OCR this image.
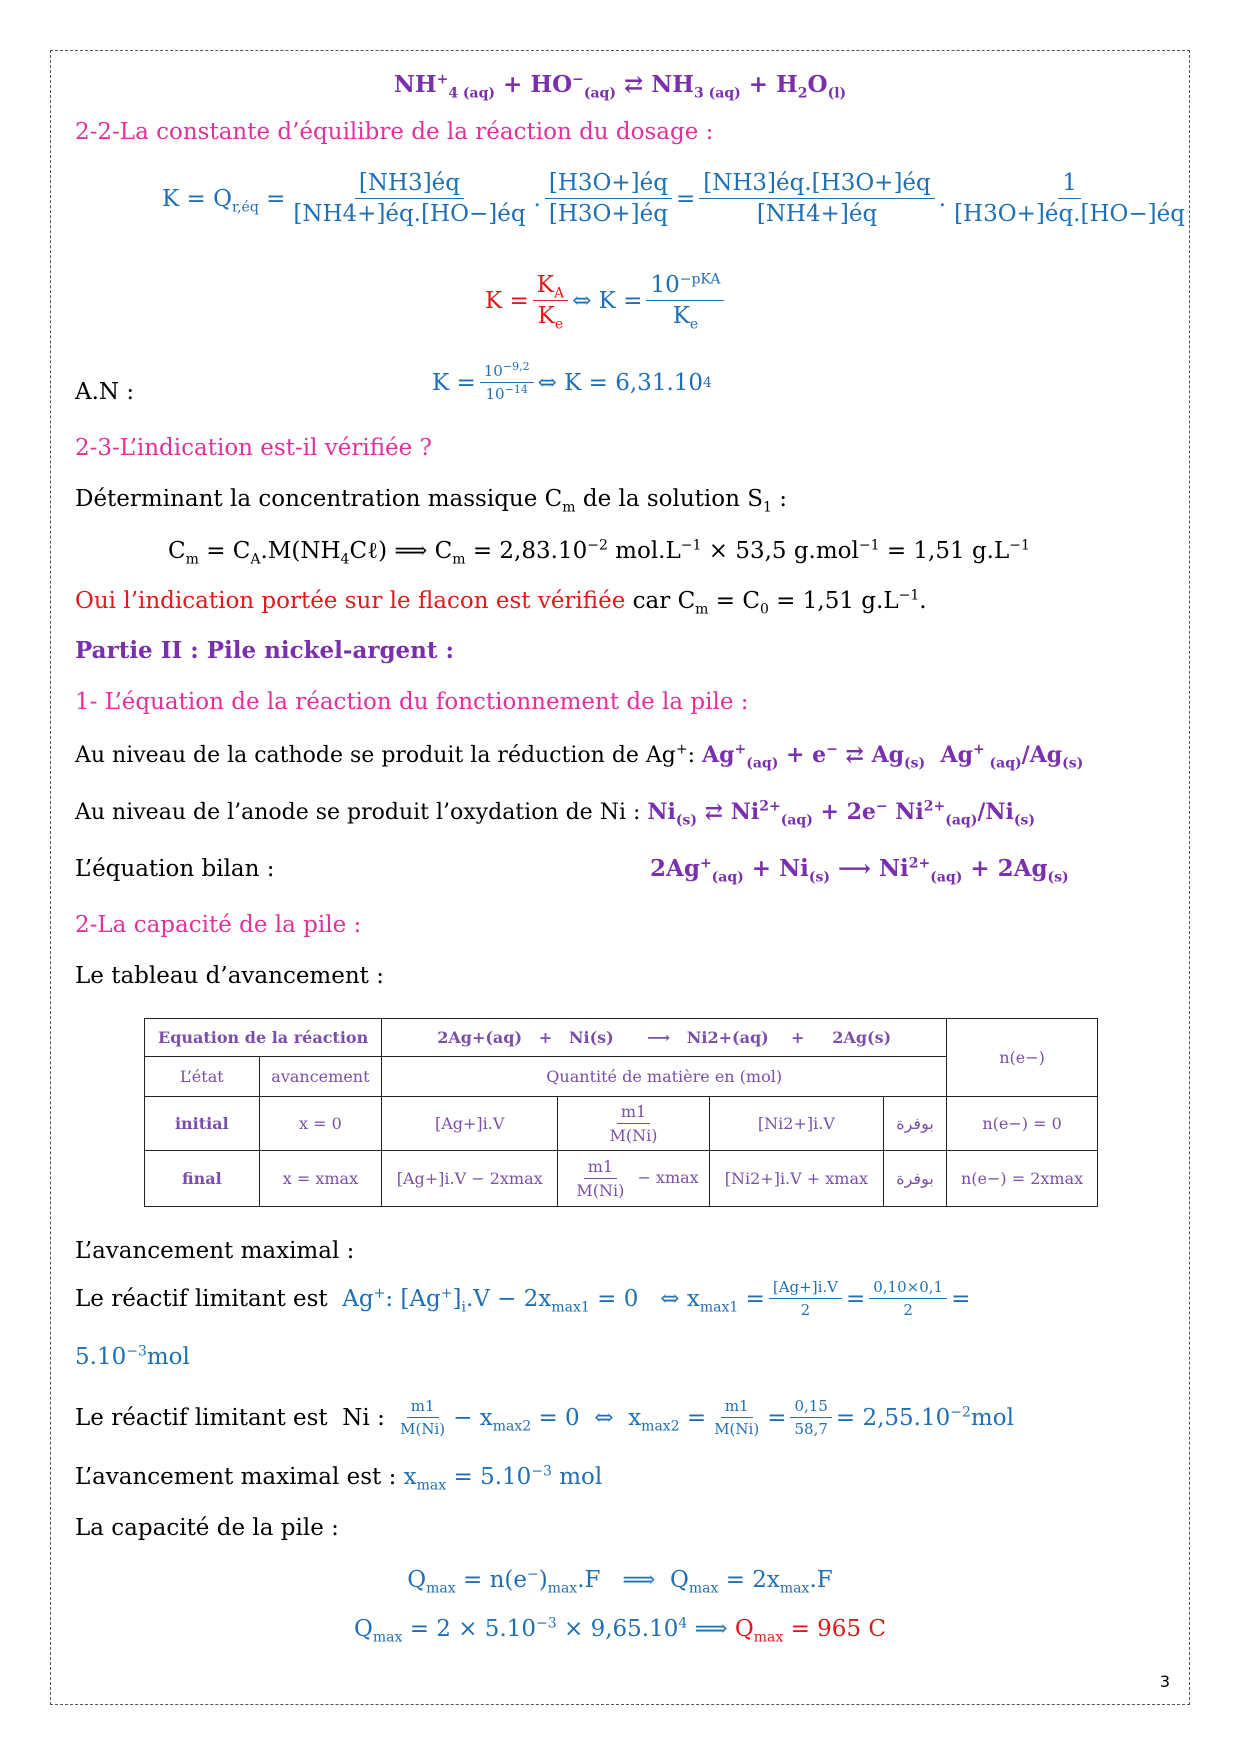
$NH^+_{4 (aq)} + HO^-_{(aq)}$ ⇄ $NH_{3 (aq)} + H_2O_{(l)}$
2-2-La constante d’équilibre de la réaction du dosage :
$K = Q_{r,éq} = \frac{[NH3]éq}{[NH4+]éq.[HO-]éq}$ . $\frac{[H3O+]éq}{[H3O+]éq} = \frac{[NH3]éq.[H3O+]éq}{[NH4+]éq}$ . $\frac{1}{[H3O+]éq.[HO-]éq}$
$K = \frac{K_A}{K_e}$ ⇔ $K = \frac{10^{-pKA}}{K_e}$
A.N :	$K = \frac{10^{-9,2}}{10^{-14}}$ ⇔ K = 6,31.10 4
2-3-L’indication est-il vérifiée ?
Déterminant la concentration massique $C_m$ de la solution $S_1$ :
$C_m$ = $C_A.M(NH_4C\ell)$ ⟹ $C_m = 2,83.10^{-2}$ $mol.L^{-1} \times 53,5$ g.mol$^{-1}$ = 1,51 $g.L^{-1}$
Oui l’indication portée sur le flacon est vérifiée car $C_m = C_0 = 1,51$ $g.L^{-1}$.
Partie II : Pile nickel-argent :
1- L’équation de la réaction du fonctionnement de la pile :
Au niveau de la cathode se produit la réduction de Ag+: $Ag^+_{(aq)} + e^-$ ⇄ $Ag_{(s)}$ Ag+ $_{(aq)}/Ag_{(s)}$
Au niveau de l’anode se produit l’oxydation de Ni : $Ni_{(s)}$ ⇄ $Ni^{2+}_{(aq)} + 2e^-$ $Ni^{2+}_{(aq)}/Ni_{(s)}$
L’équation bilan :	$2Ag^+_{(aq)} + Ni_{(s)}$ ⟶ $Ni^{2+}_{(aq)} + 2Ag_{(s)}$
2-La capacité de la pile :
Le tableau d’avancement :
Equation de la réaction		2Ag+(aq)   +   Ni(s)      ⟶   Ni2+(aq)    +     2Ag(s)				n(e−)
L’état	avancement	Quantité de matière en (mol)				
initial	x = 0	[Ag+]i.V	$\frac{m1}{M(Ni)}$	[Ni2+]i.V	بوفرة	n(e−) = 0
final	x = xmax	[Ag+]i.V − 2xmax	$\frac{m1}{M(Ni)} - xmax$	[Ni2+]i.V + xmax	بوفرة	n(e−) = 2xmax
L’avancement maximal :
Le réactif limitant est Ag+: $[Ag^+]_i.V - 2x_{max1} = 0$   ⇔ $x_{max1} = \frac{[Ag+]i.V}{2} = \frac{0,10\times 0,1}{2}$ =
$5.10^{-3}mol$
Le réactif limitant est  Ni : $\frac{m1}{M(Ni)} - x_{max2} = 0$  ⇔  $x_{max2} = \frac{m1}{M(Ni)} = \frac{0,15}{58,7} = 2,55.10^{-2}mol$
L’avancement maximal est : $x_{max} = 5.10^{-3}$ mol
La capacité de la pile :
$Q_{max} = n(e^-)_{max}.F$   ⟹  $Q_{max} = 2x_{max}.F$
$Q_{max} = 2 \times 5.10^{-3} \times 9,65.10^4$ ⟹ $Q_{max} = 965$ C
3
